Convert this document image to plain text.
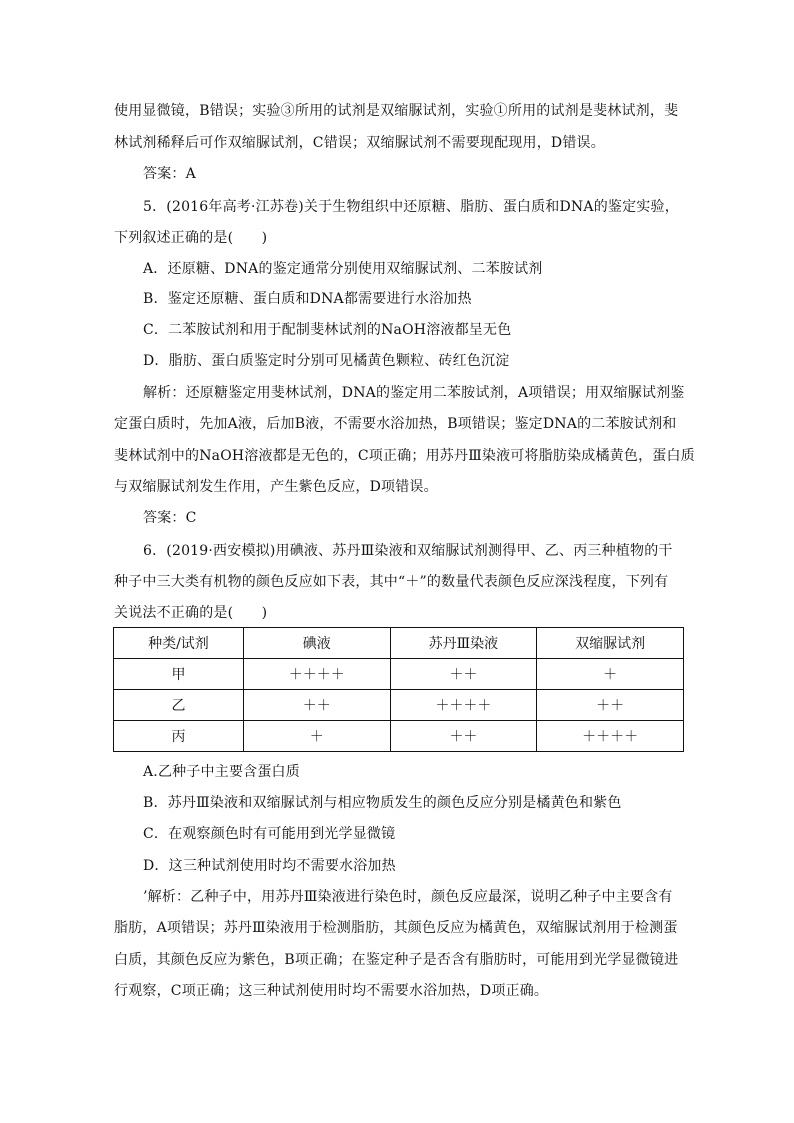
使用显微镜，B错误；实验③所用的试剂是双缩脲试剂，实验①所用的试剂是斐林试剂，斐
林试剂稀释后可作双缩脲试剂，C错误；双缩脲试剂不需要现配现用，D错误。
答案：A
5．(2016年高考·江苏卷)关于生物组织中还原糖、脂肪、蛋白质和DNA的鉴定实验，
下列叙述正确的是(　　)
A．还原糖、DNA的鉴定通常分别使用双缩脲试剂、二苯胺试剂
B．鉴定还原糖、蛋白质和DNA都需要进行水浴加热
C．二苯胺试剂和用于配制斐林试剂的NaOH溶液都呈无色
D．脂肪、蛋白质鉴定时分别可见橘黄色颗粒、砖红色沉淀
解析：还原糖鉴定用斐林试剂，DNA的鉴定用二苯胺试剂，A项错误；用双缩脲试剂鉴
定蛋白质时，先加A液，后加B液，不需要水浴加热，B项错误；鉴定DNA的二苯胺试剂和
斐林试剂中的NaOH溶液都是无色的，C项正确；用苏丹Ⅲ染液可将脂肪染成橘黄色，蛋白质
与双缩脲试剂发生作用，产生紫色反应，D项错误。
答案：C
6．(2019·西安模拟)用碘液、苏丹Ⅲ染液和双缩脲试剂测得甲、乙、丙三种植物的干
种子中三大类有机物的颜色反应如下表，其中“＋”的数量代表颜色反应深浅程度，下列有
关说法不正确的是(　　)
种类/试剂	碘液	苏丹Ⅲ染液	双缩脲试剂
甲	＋＋＋＋	＋＋	＋
乙	＋＋	＋＋＋＋	＋＋
丙	＋	＋＋	＋＋＋＋
A.乙种子中主要含蛋白质
B．苏丹Ⅲ染液和双缩脲试剂与相应物质发生的颜色反应分别是橘黄色和紫色
C．在观察颜色时有可能用到光学显微镜
D．这三种试剂使用时均不需要水浴加热
’解析：乙种子中，用苏丹Ⅲ染液进行染色时，颜色反应最深，说明乙种子中主要含有
脂肪，A项错误；苏丹Ⅲ染液用于检测脂肪，其颜色反应为橘黄色，双缩脲试剂用于检测蛋
白质，其颜色反应为紫色，B项正确；在鉴定种子是否含有脂肪时，可能用到光学显微镜进
行观察，C项正确；这三种试剂使用时均不需要水浴加热，D项正确。
